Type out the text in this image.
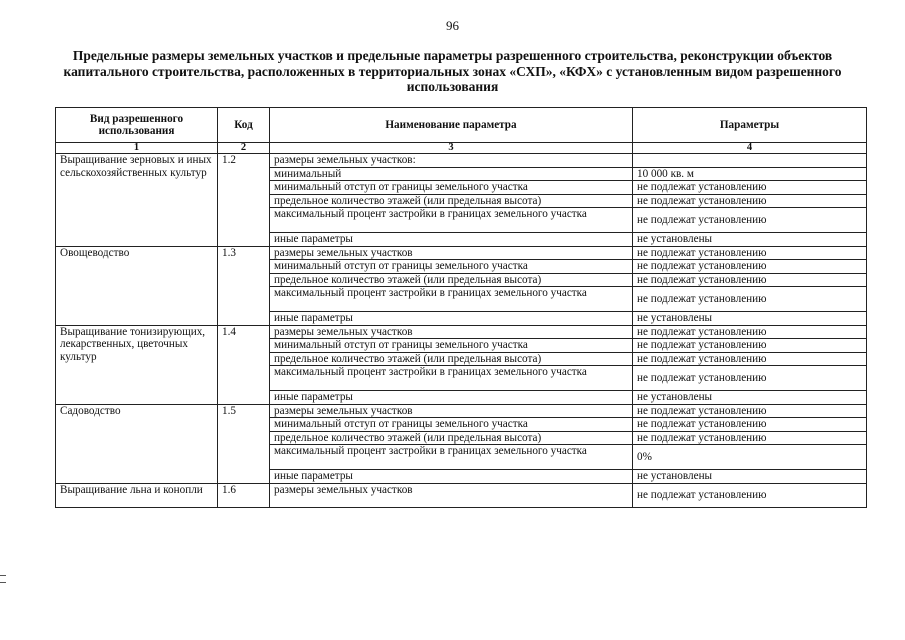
96
Предельные размеры земельных участков и предельные параметры разрешенного строительства, реконструкции объектов капитального строительства, расположенных в территориальных зонах «СХП», «КФХ» с установленным видом разрешенного использования
Вид разрешенного использования	Код	Наименование параметра	Параметры
1	2	3	4
Выращивание зерновых и иных сельскохозяйственных культур	1.2	размеры земельных участков:	
		минимальный	10 000 кв. м
		минимальный отступ от границы земельного участка	не подлежат установлению
		предельное количество этажей (или предельная высота)	не подлежат установлению
		максимальный процент застройки в границах земельного участка	не подлежат установлению
		иные параметры	не установлены
Овощеводство	1.3	размеры земельных участков	не подлежат установлению
		минимальный отступ от границы земельного участка	не подлежат установлению
		предельное количество этажей (или предельная высота)	не подлежат установлению
		максимальный процент застройки в границах земельного участка	не подлежат установлению
		иные параметры	не установлены
Выращивание тонизирующих, лекарственных, цветочных культур	1.4	размеры земельных участков	не подлежат установлению
		минимальный отступ от границы земельного участка	не подлежат установлению
		предельное количество этажей (или предельная высота)	не подлежат установлению
		максимальный процент застройки в границах земельного участка	не подлежат установлению
		иные параметры	не установлены
Садоводство	1.5	размеры земельных участков	не подлежат установлению
		минимальный отступ от границы земельного участка	не подлежат установлению
		предельное количество этажей (или предельная высота)	не подлежат установлению
		максимальный процент застройки в границах земельного участка	0%
		иные параметры	не установлены
Выращивание льна и конопли	1.6	размеры земельных участков	не подлежат установлению
